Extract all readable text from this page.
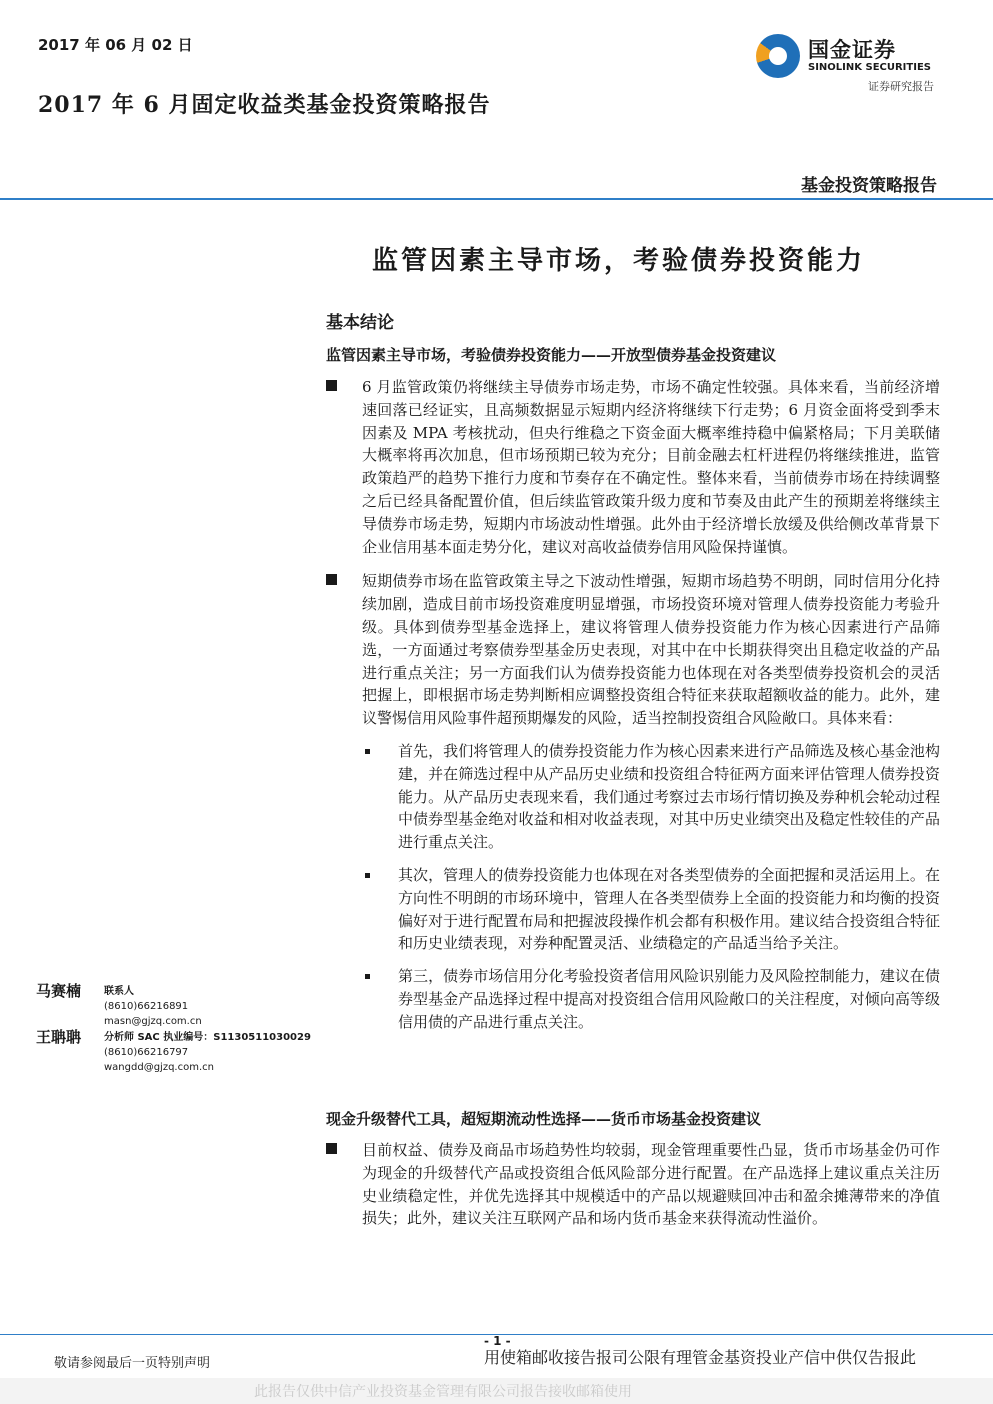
2017 年 06 月 02 日
2017 年 6 月固定收益类基金投资策略报告
国金证券
SINOLINK SECURITIES
证券研究报告
基金投资策略报告
监管因素主导市场，考验债券投资能力
基本结论
监管因素主导市场，考验债券投资能力——开放型债券基金投资建议
6 月监管政策仍将继续主导债券市场走势，市场不确定性较强。具体来看，当前经济增速回落已经证实，且高频数据显示短期内经济将继续下行走势；6 月资金面将受到季末因素及 MPA 考核扰动，但央行维稳之下资金面大概率维持稳中偏紧格局；下月美联储大概率将再次加息，但市场预期已较为充分；目前金融去杠杆进程仍将继续推进，监管政策趋严的趋势下推行力度和节奏存在不确定性。整体来看，当前债券市场在持续调整之后已经具备配置价值，但后续监管政策升级力度和节奏及由此产生的预期差将继续主导债券市场走势，短期内市场波动性增强。此外由于经济增长放缓及供给侧改革背景下企业信用基本面走势分化，建议对高收益债券信用风险保持谨慎。
短期债券市场在监管政策主导之下波动性增强，短期市场趋势不明朗，同时信用分化持续加剧，造成目前市场投资难度明显增强，市场投资环境对管理人债券投资能力考验升级。具体到债券型基金选择上，建议将管理人债券投资能力作为核心因素进行产品筛选，一方面通过考察债券型基金历史表现，对其中在中长期获得突出且稳定收益的产品进行重点关注；另一方面我们认为债券投资能力也体现在对各类型债券投资机会的灵活把握上，即根据市场走势判断相应调整投资组合特征来获取超额收益的能力。此外，建议警惕信用风险事件超预期爆发的风险，适当控制投资组合风险敞口。具体来看：
首先，我们将管理人的债券投资能力作为核心因素来进行产品筛选及核心基金池构建，并在筛选过程中从产品历史业绩和投资组合特征两方面来评估管理人债券投资能力。从产品历史表现来看，我们通过考察过去市场行情切换及券种机会轮动过程中债券型基金绝对收益和相对收益表现，对其中历史业绩突出及稳定性较佳的产品进行重点关注。
其次，管理人的债券投资能力也体现在对各类型债券的全面把握和灵活运用上。在方向性不明朗的市场环境中，管理人在各类型债券上全面的投资能力和均衡的投资偏好对于进行配置布局和把握波段操作机会都有积极作用。建议结合投资组合特征和历史业绩表现，对券种配置灵活、业绩稳定的产品适当给予关注。
第三，债券市场信用分化考验投资者信用风险识别能力及风险控制能力，建议在债券型基金产品选择过程中提高对投资组合信用风险敞口的关注程度，对倾向高等级信用债的产品进行重点关注。
现金升级替代工具，超短期流动性选择——货币市场基金投资建议
目前权益、债券及商品市场趋势性均较弱，现金管理重要性凸显，货币市场基金仍可作为现金的升级替代产品或投资组合低风险部分进行配置。在产品选择上建议重点关注历史业绩稳定性，并优先选择其中规模适中的产品以规避赎回冲击和盈余摊薄带来的净值损失；此外，建议关注互联网产品和场内货币基金来获得流动性溢价。
马赛楠 联系人
(8610)66216891
masn@gjzq.com.cn
王聃聃 分析师 SAC 执业编号：S1130511030029
(8610)66216797
wangdd@gjzq.com.cn
- 1 -
敬请参阅最后一页特别声明	用使箱邮收接告报司公限有理管金基资投业产信中供仅告报此
此报告仅供中信产业投资基金管理有限公司报告接收邮箱使用
